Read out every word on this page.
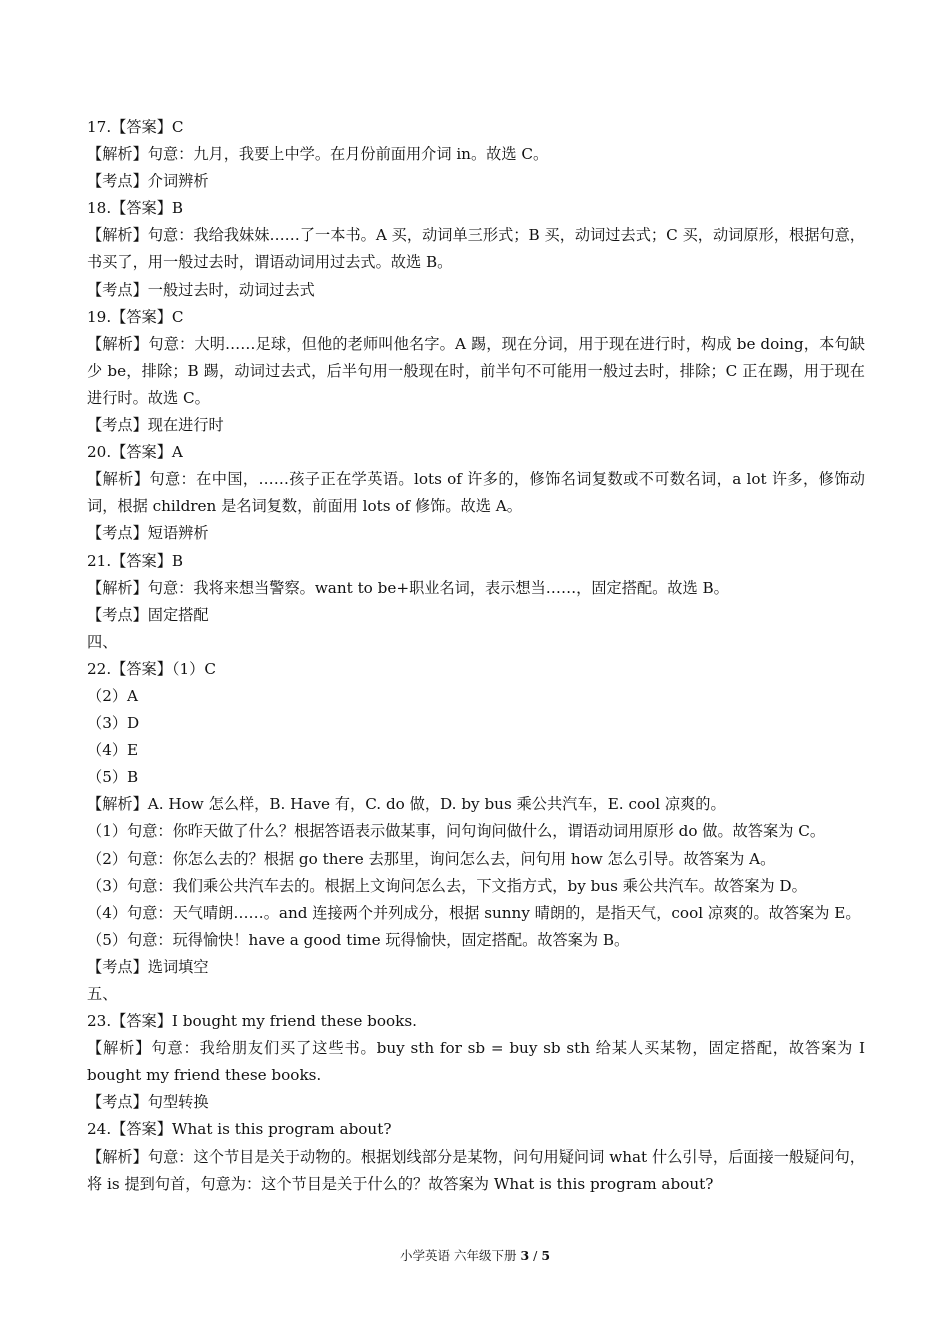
17.【答案】C
【解析】句意：九月，我要上中学。在月份前面用介词 in。故选 C。
【考点】介词辨析
18.【答案】B
【解析】句意：我给我妹妹……了一本书。A 买，动词单三形式；B 买，动词过去式；C 买，动词原形，根据句意，书买了，用一般过去时，谓语动词用过去式。故选 B。
【考点】一般过去时，动词过去式
19.【答案】C
【解析】句意：大明……足球，但他的老师叫他名字。A 踢，现在分词，用于现在进行时，构成 be doing，本句缺少 be，排除；B 踢，动词过去式，后半句用一般现在时，前半句不可能用一般过去时，排除；C 正在踢，用于现在进行时。故选 C。
【考点】现在进行时
20.【答案】A
【解析】句意：在中国，……孩子正在学英语。lots of 许多的，修饰名词复数或不可数名词，a lot 许多，修饰动词，根据 children 是名词复数，前面用 lots of 修饰。故选 A。
【考点】短语辨析
21.【答案】B
【解析】句意：我将来想当警察。want to be+职业名词，表示想当……，固定搭配。故选 B。
【考点】固定搭配
四、
22.【答案】（1）C
（2）A
（3）D
（4）E
（5）B
【解析】A. How 怎么样，B. Have 有，C. do 做，D. by bus 乘公共汽车，E. cool 凉爽的。
（1）句意：你昨天做了什么？根据答语表示做某事，问句询问做什么，谓语动词用原形 do 做。故答案为 C。
（2）句意：你怎么去的？根据 go there 去那里，询问怎么去，问句用 how 怎么引导。故答案为 A。
（3）句意：我们乘公共汽车去的。根据上文询问怎么去，下文指方式，by bus 乘公共汽车。故答案为 D。
（4）句意：天气晴朗……。and 连接两个并列成分，根据 sunny 晴朗的，是指天气，cool 凉爽的。故答案为 E。
（5）句意：玩得愉快！have a good time 玩得愉快，固定搭配。故答案为 B。
【考点】选词填空
五、
23.【答案】I bought my friend these books.
【解析】句意：我给朋友们买了这些书。buy sth for sb = buy sb sth 给某人买某物，固定搭配，故答案为 I bought my friend these books.
【考点】句型转换
24.【答案】What is this program about?
【解析】句意：这个节目是关于动物的。根据划线部分是某物，问句用疑问词 what 什么引导，后面接一般疑问句，将 is 提到句首，句意为：这个节目是关于什么的？故答案为 What is this program about?
小学英语 六年级下册 3 / 5
